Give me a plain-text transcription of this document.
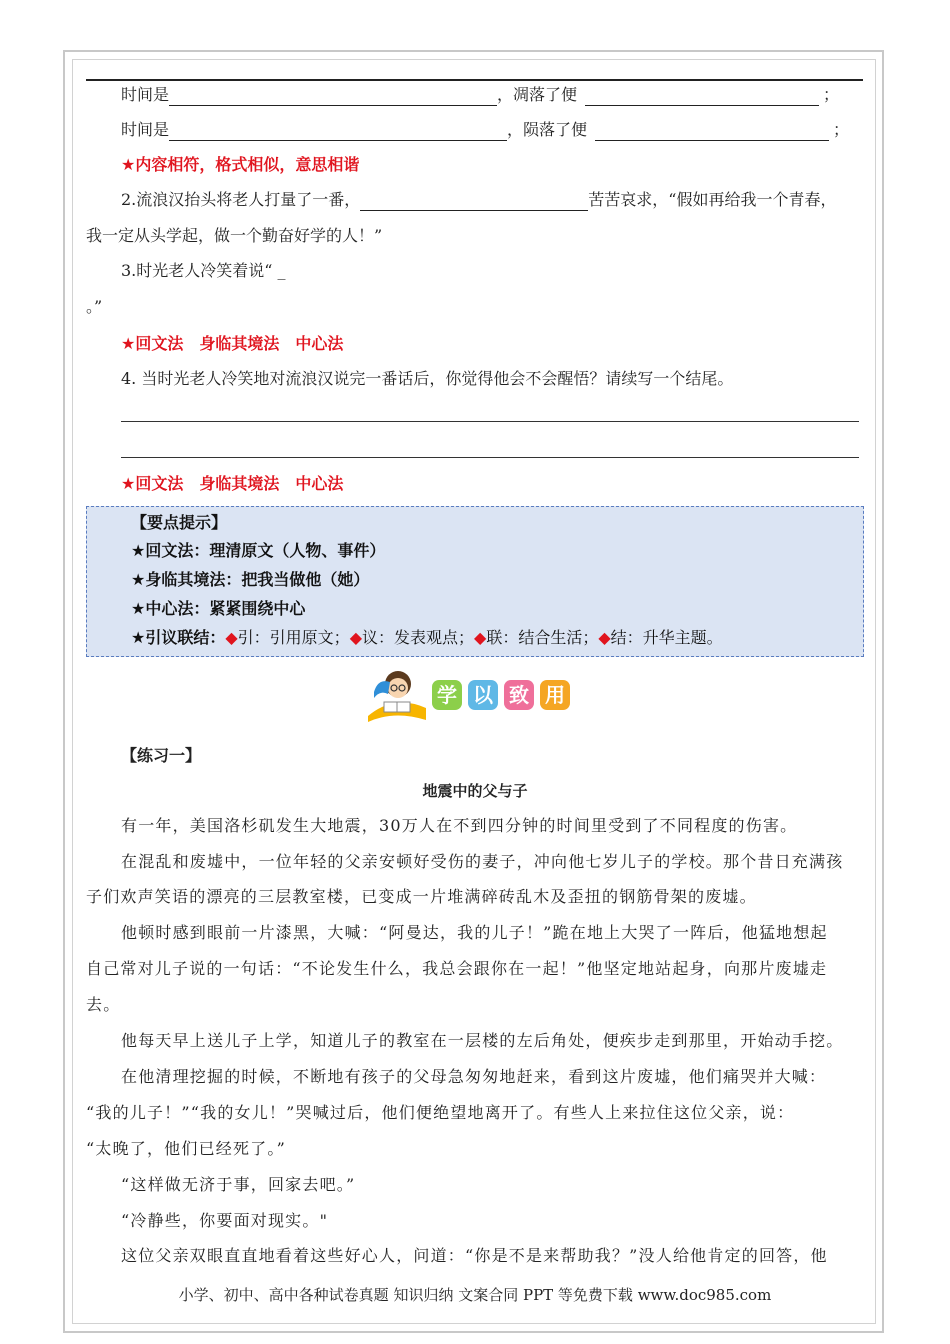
时间是	，凋落了便	；
时间是	，陨落了便	；
★内容相符，格式相似，意思相谐
2.流浪汉抬头将老人打量了一番，	苦苦哀求，“假如再给我一个青春，
我一定从头学起，做一个勤奋好学的人！”
3.时光老人冷笑着说“ _
。”
★回文法　身临其境法　中心法
4. 当时光老人冷笑地对流浪汉说完一番话后，你觉得他会不会醒悟？请续写一个结尾。
★回文法　身临其境法　中心法
【要点提示】
★回文法：理清原文（人物、事件）
★身临其境法：把我当做他（她）
★中心法：紧紧围绕中心
★引议联结：◆引：引用原文；◆议：发表观点；◆联：结合生活；◆结：升华主题。
学 以 致 用
【练习一】
地震中的父与子
有一年，美国洛杉矶发生大地震，30万人在不到四分钟的时间里受到了不同程度的伤害。
在混乱和废墟中，一位年轻的父亲安顿好受伤的妻子，冲向他七岁儿子的学校。那个昔日充满孩
子们欢声笑语的漂亮的三层教室楼，已变成一片堆满碎砖乱木及歪扭的钢筋骨架的废墟。
他顿时感到眼前一片漆黑，大喊：“阿曼达，我的儿子！”跪在地上大哭了一阵后，他猛地想起
自己常对儿子说的一句话：“不论发生什么，我总会跟你在一起！”他坚定地站起身，向那片废墟走
去。
他每天早上送儿子上学，知道儿子的教室在一层楼的左后角处，便疾步走到那里，开始动手挖。
在他清理挖掘的时候，不断地有孩子的父母急匆匆地赶来，看到这片废墟，他们痛哭并大喊：
“我的儿子！”“我的女儿！”哭喊过后，他们便绝望地离开了。有些人上来拉住这位父亲，说：
“太晚了，他们已经死了。”
“这样做无济于事，回家去吧。”
“冷静些，你要面对现实。"
这位父亲双眼直直地看着这些好心人，问道：“你是不是来帮助我？”没人给他肯定的回答，他
小学、初中、高中各种试卷真题 知识归纳 文案合同 PPT 等免费下载 www.doc985.com
